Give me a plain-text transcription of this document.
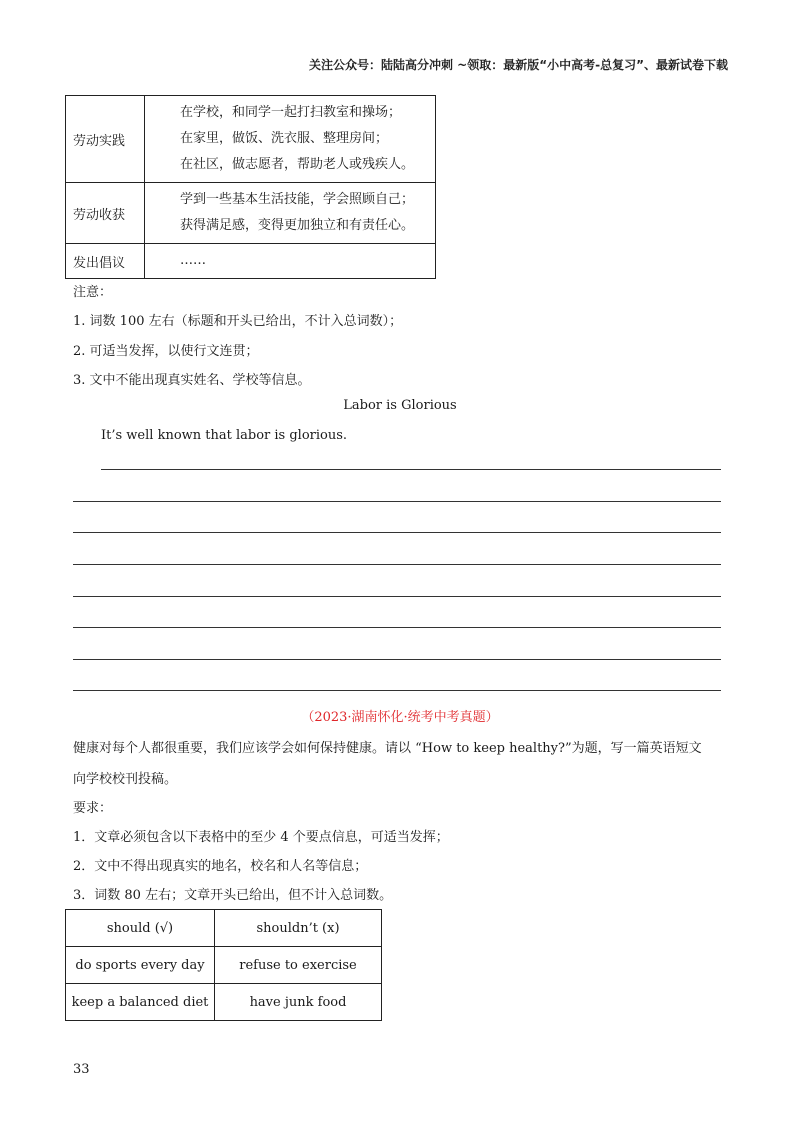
关注公众号：陆陆高分冲刺 ~领取：最新版“小中高考-总复习”、最新试卷下载
劳动实践	在学校，和同学一起打扫教室和操场；
在家里，做饭、洗衣服、整理房间；
在社区，做志愿者，帮助老人或残疾人。

劳动收获	学到一些基本生活技能，学会照顾自己；
获得满足感，变得更加独立和有责任心。

发出倡议	……
注意：
1. 词数 100 左右（标题和开头已给出，不计入总词数）；
2. 可适当发挥，以使行文连贯；
3. 文中不能出现真实姓名、学校等信息。
Labor is Glorious
It’s well known that labor is glorious.
（2023·湖南怀化·统考中考真题）
健康对每个人都很重要，我们应该学会如何保持健康。请以 “How to keep healthy?”为题，写一篇英语短文
向学校校刊投稿。
要求：
1．文章必须包含以下表格中的至少 4 个要点信息，可适当发挥；
2．文中不得出现真实的地名，校名和人名等信息；
3．词数 80 左右；文章开头已给出，但不计入总词数。
should (√)	shouldn’t (x)
do sports every day	refuse to exercise
keep a balanced diet	have junk food
33
